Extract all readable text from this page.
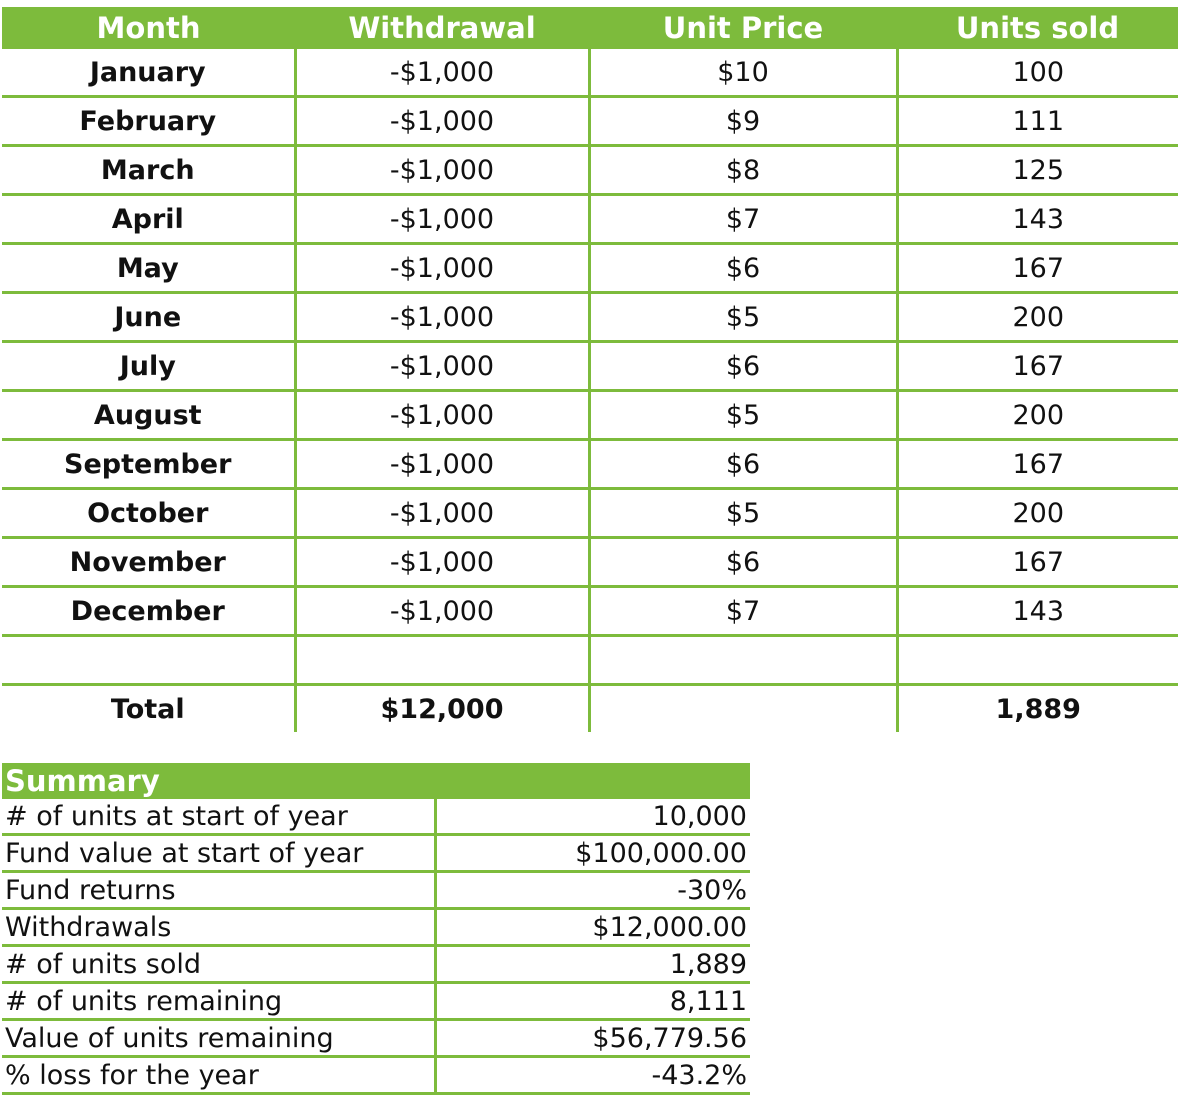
Month	Withdrawal	Unit Price	Units sold
January	-$1,000	$10	100
February	-$1,000	$9	111
March	-$1,000	$8	125
April	-$1,000	$7	143
May	-$1,000	$6	167
June	-$1,000	$5	200
July	-$1,000	$6	167
August	-$1,000	$5	200
September	-$1,000	$6	167
October	-$1,000	$5	200
November	-$1,000	$6	167
December	-$1,000	$7	143

Total	$12,000		1,889
Summary	
# of units at start of year	10,000
Fund value at start of year	$100,000.00
Fund returns	-30%
Withdrawals	$12,000.00
# of units sold	1,889
# of units remaining	8,111
Value of units remaining	$56,779.56
% loss for the year	-43.2%
